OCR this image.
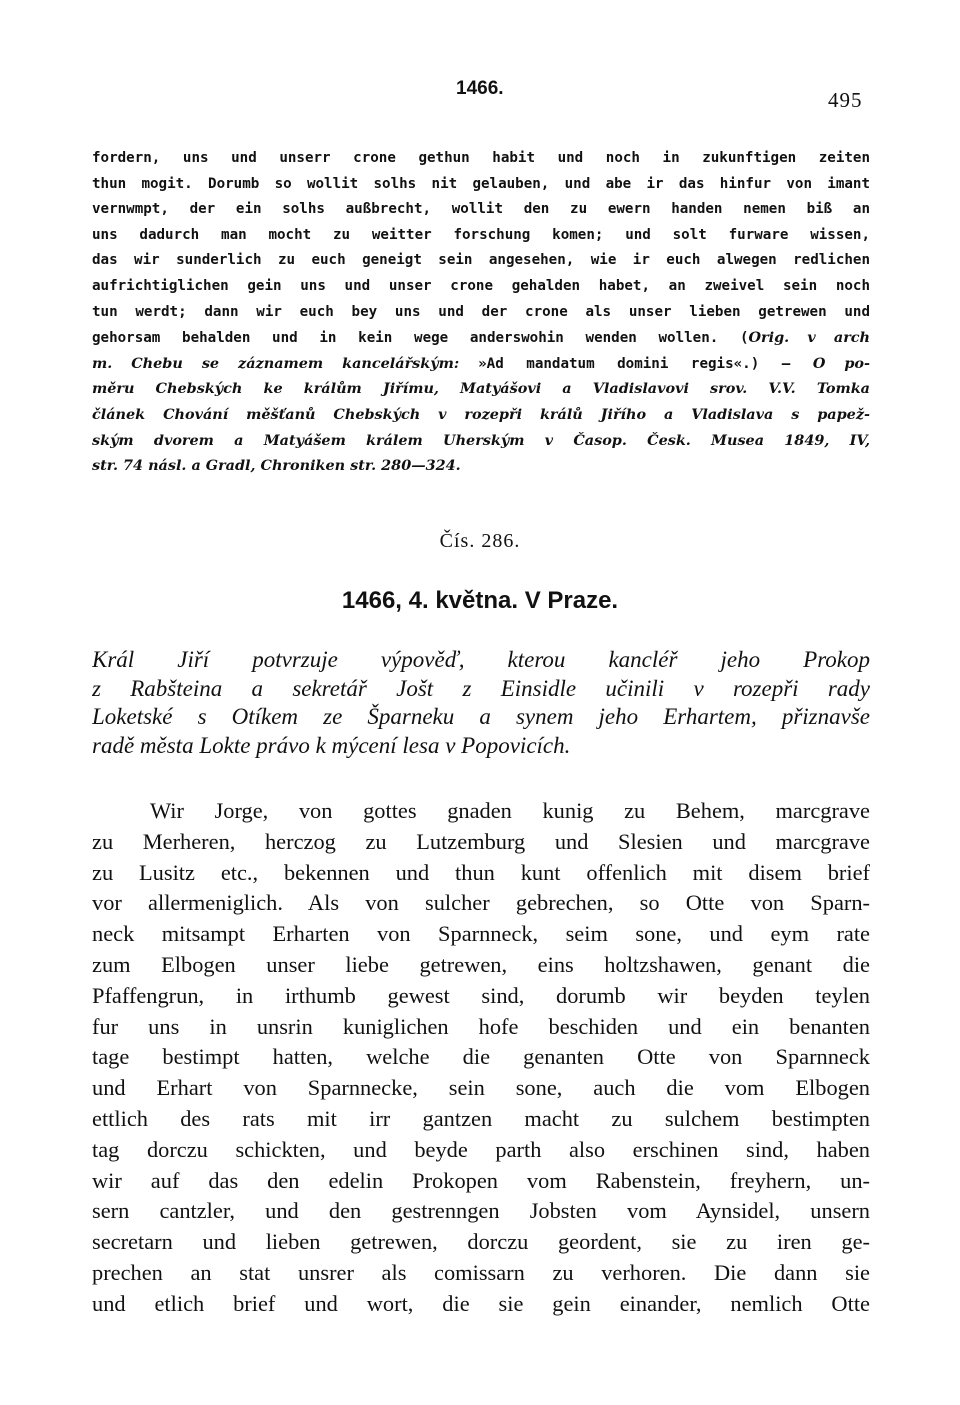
1466.	495
fordern, uns und unserr crone gethun habit und noch in zukunftigen zeiten
thun mogit. Dorumb so wollit solhs nit gelauben, und abe ir das hinfur von imant
vernwmpt, der ein solhs außbrecht, wollit den zu ewern handen nemen biß an
uns dadurch man mocht zu weitter forschung komen; und solt furware wissen,
das wir sunderlich zu euch geneigt sein angesehen, wie ir euch alwegen redlichen
aufrichtiglichen gein uns und unser crone gehalden habet, an zweivel sein noch
tun werdt; dann wir euch bey uns und der crone als unser lieben getrewen und
gehorsam behalden und in kein wege anderswohin wenden wollen. (Orig. v arch
m. Chebu se záznamem kancelářským: »Ad mandatum domini regis«.) — O po-
měru Chebských ke králům Jiřímu, Matyášovi a Vladislavovi srov. V.V. Tomka
článek Chování měšťanů Chebských v rozepři králů Jiřího a Vladislava s papež-
ským dvorem a Matyášem králem Uherským v Časop. Česk. Musea 1849, IV,
str. 74 násl. a Gradl, Chroniken str. 280—324.
Čís. 286.
1466, 4. května. V Praze.
Král Jiří potvrzuje výpověď, kterou kancléř jeho Prokop
z Rabšteina a sekretář Jošt z Einsidle učinili v rozepři rady
Loketské s Otíkem ze Šparneku a synem jeho Erhartem, přiznavše
radě města Lokte právo k mýcení lesa v Popovicích.
Wir Jorge, von gottes gnaden kunig zu Behem, marcgrave
zu Merheren, herczog zu Lutzemburg und Slesien und marcgrave
zu Lusitz etc., bekennen und thun kunt offenlich mit disem brief
vor allermeniglich. Als von sulcher gebrechen, so Otte von Sparn-
neck mitsampt Erharten von Sparnneck, seim sone, und eym rate
zum Elbogen unser liebe getrewen, eins holtzshawen, genant die
Pfaffengrun, in irthumb gewest sind, dorumb wir beyden teylen
fur uns in unsrin kuniglichen hofe beschiden und ein benanten
tage bestimpt hatten, welche die genanten Otte von Sparnneck
und Erhart von Sparnnecke, sein sone, auch die vom Elbogen
ettlich des rats mit irr gantzen macht zu sulchem bestimpten
tag dorczu schickten, und beyde parth also erschinen sind, haben
wir auf das den edelin Prokopen vom Rabenstein, freyhern, un-
sern cantzler, und den gestrenngen Jobsten vom Aynsidel, unsern
secretarn und lieben getrewen, dorczu geordent, sie zu iren ge-
prechen an stat unsrer als comissarn zu verhoren. Die dann sie
und etlich brief und wort, die sie gein einander, nemlich Otte
